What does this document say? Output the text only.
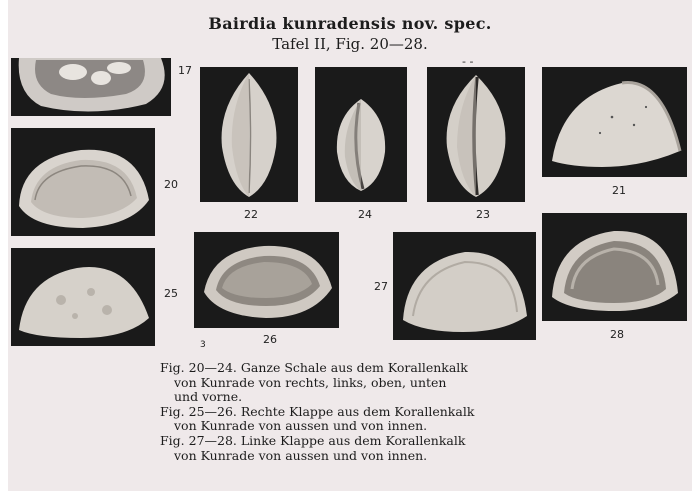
Bairdia kunradensis nov. spec.
Tafel II, Fig. 20—28.
17
22	24	23
- -
21
20
25
26
3
27
28
Fig. 20—24. Ganze Schale aus dem Korallenkalk
von Kunrade von rechts, links, oben, unten
und vorne.
Fig. 25—26. Rechte Klappe aus dem Korallenkalk
von Kunrade von aussen und von innen.
Fig. 27—28. Linke Klappe aus dem Korallenkalk
von Kunrade von aussen und von innen.
